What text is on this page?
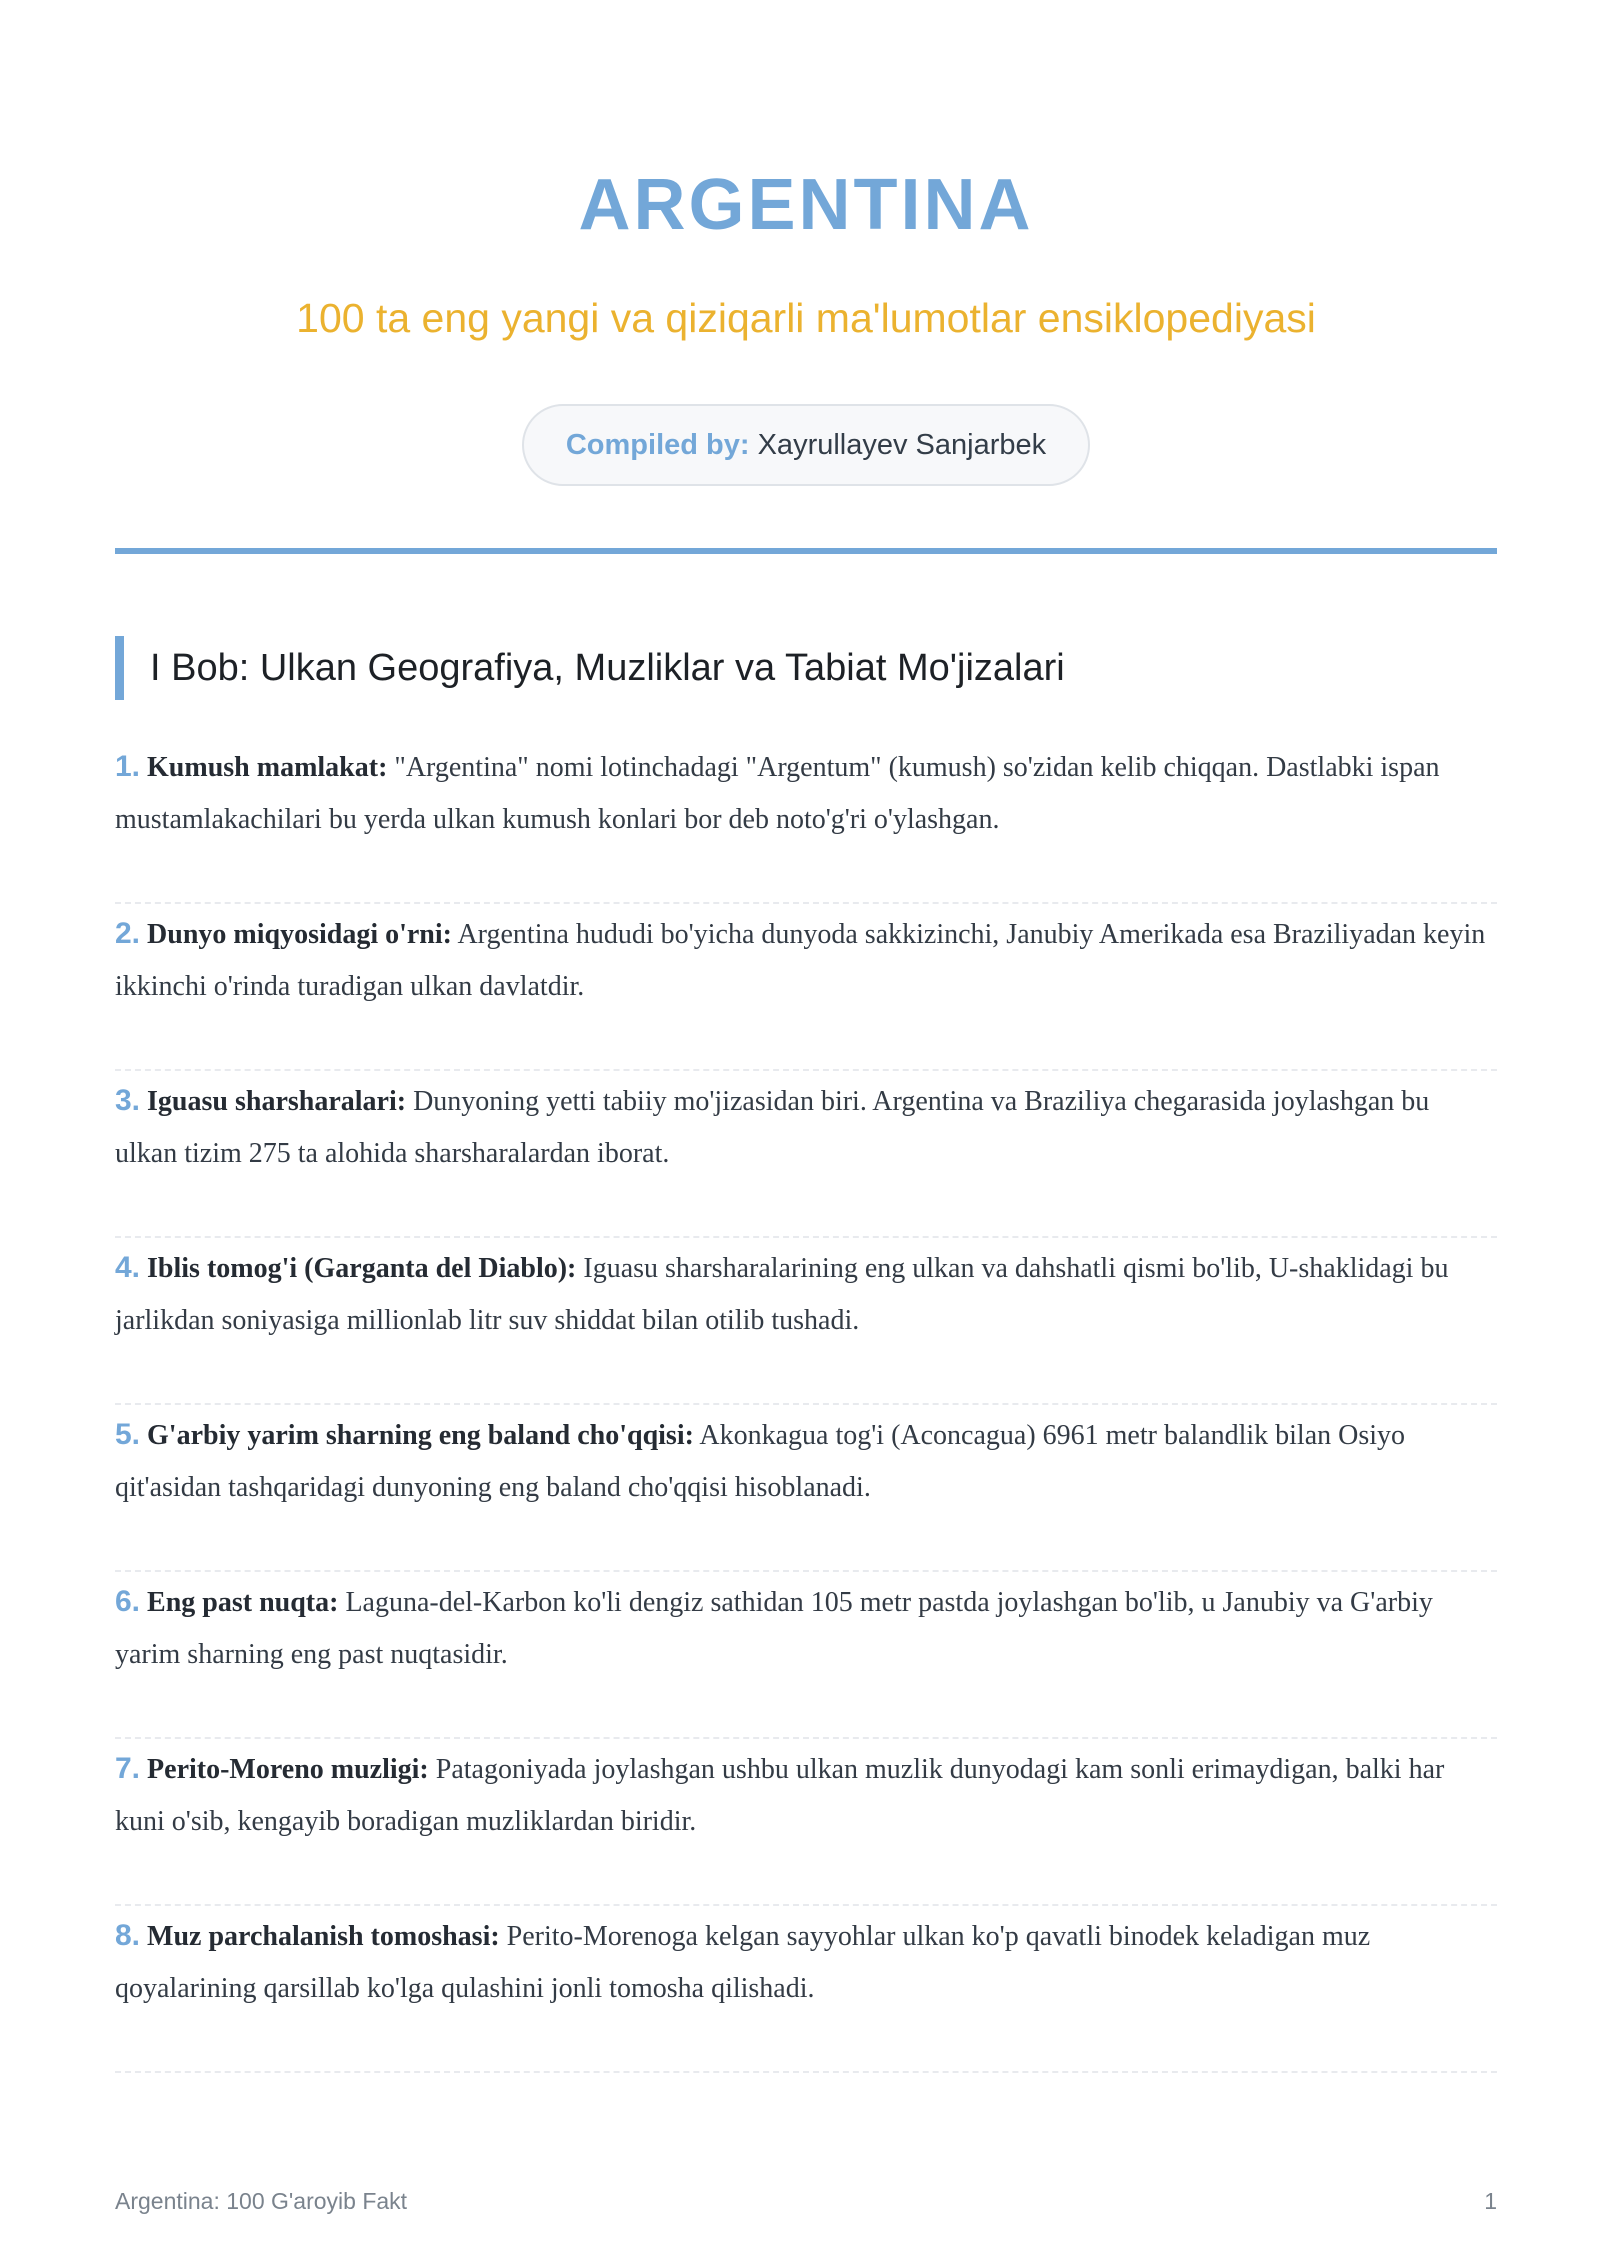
ARGENTINA

100 ta eng yangi va qiziqarli ma'lumotlar ensiklopediyasi

Compiled by: Xayrullayev Sanjarbek
I Bob: Ulkan Geografiya, Muzliklar va Tabiat Mo'jizalari

1. Kumush mamlakat: "Argentina" nomi lotinchadagi "Argentum" (kumush) so'zidan kelib chiqqan. Dastlabki ispan mustamlakachilari bu yerda ulkan kumush konlari bor deb noto'g'ri o'ylashgan.

2. Dunyo miqyosidagi o'rni: Argentina hududi bo'yicha dunyoda sakkizinchi, Janubiy Amerikada esa Braziliyadan keyin ikkinchi o'rinda turadigan ulkan davlatdir.

3. Iguasu sharsharalari: Dunyoning yetti tabiiy mo'jizasidan biri. Argentina va Braziliya chegarasida joylashgan bu ulkan tizim 275 ta alohida sharsharalardan iborat.

4. Iblis tomog'i (Garganta del Diablo): Iguasu sharsharalarining eng ulkan va dahshatli qismi bo'lib, U-shaklidagi bu jarlikdan soniyasiga millionlab litr suv shiddat bilan otilib tushadi.

5. G'arbiy yarim sharning eng baland cho'qqisi: Akonkagua tog'i (Aconcagua) 6961 metr balandlik bilan Osiyo qit'asidan tashqaridagi dunyoning eng baland cho'qqisi hisoblanadi.

6. Eng past nuqta: Laguna-del-Karbon ko'li dengiz sathidan 105 metr pastda joylashgan bo'lib, u Janubiy va G'arbiy yarim sharning eng past nuqtasidir.

7. Perito-Moreno muzligi: Patagoniyada joylashgan ushbu ulkan muzlik dunyodagi kam sonli erimaydigan, balki har kuni o'sib, kengayib boradigan muzliklardan biridir.

8. Muz parchalanish tomoshasi: Perito-Morenoga kelgan sayyohlar ulkan ko'p qavatli binodek keladigan muz qoyalarining qarsillab ko'lga qulashini jonli tomosha qilishadi.

Argentina: 100 G'aroyib Fakt	1
